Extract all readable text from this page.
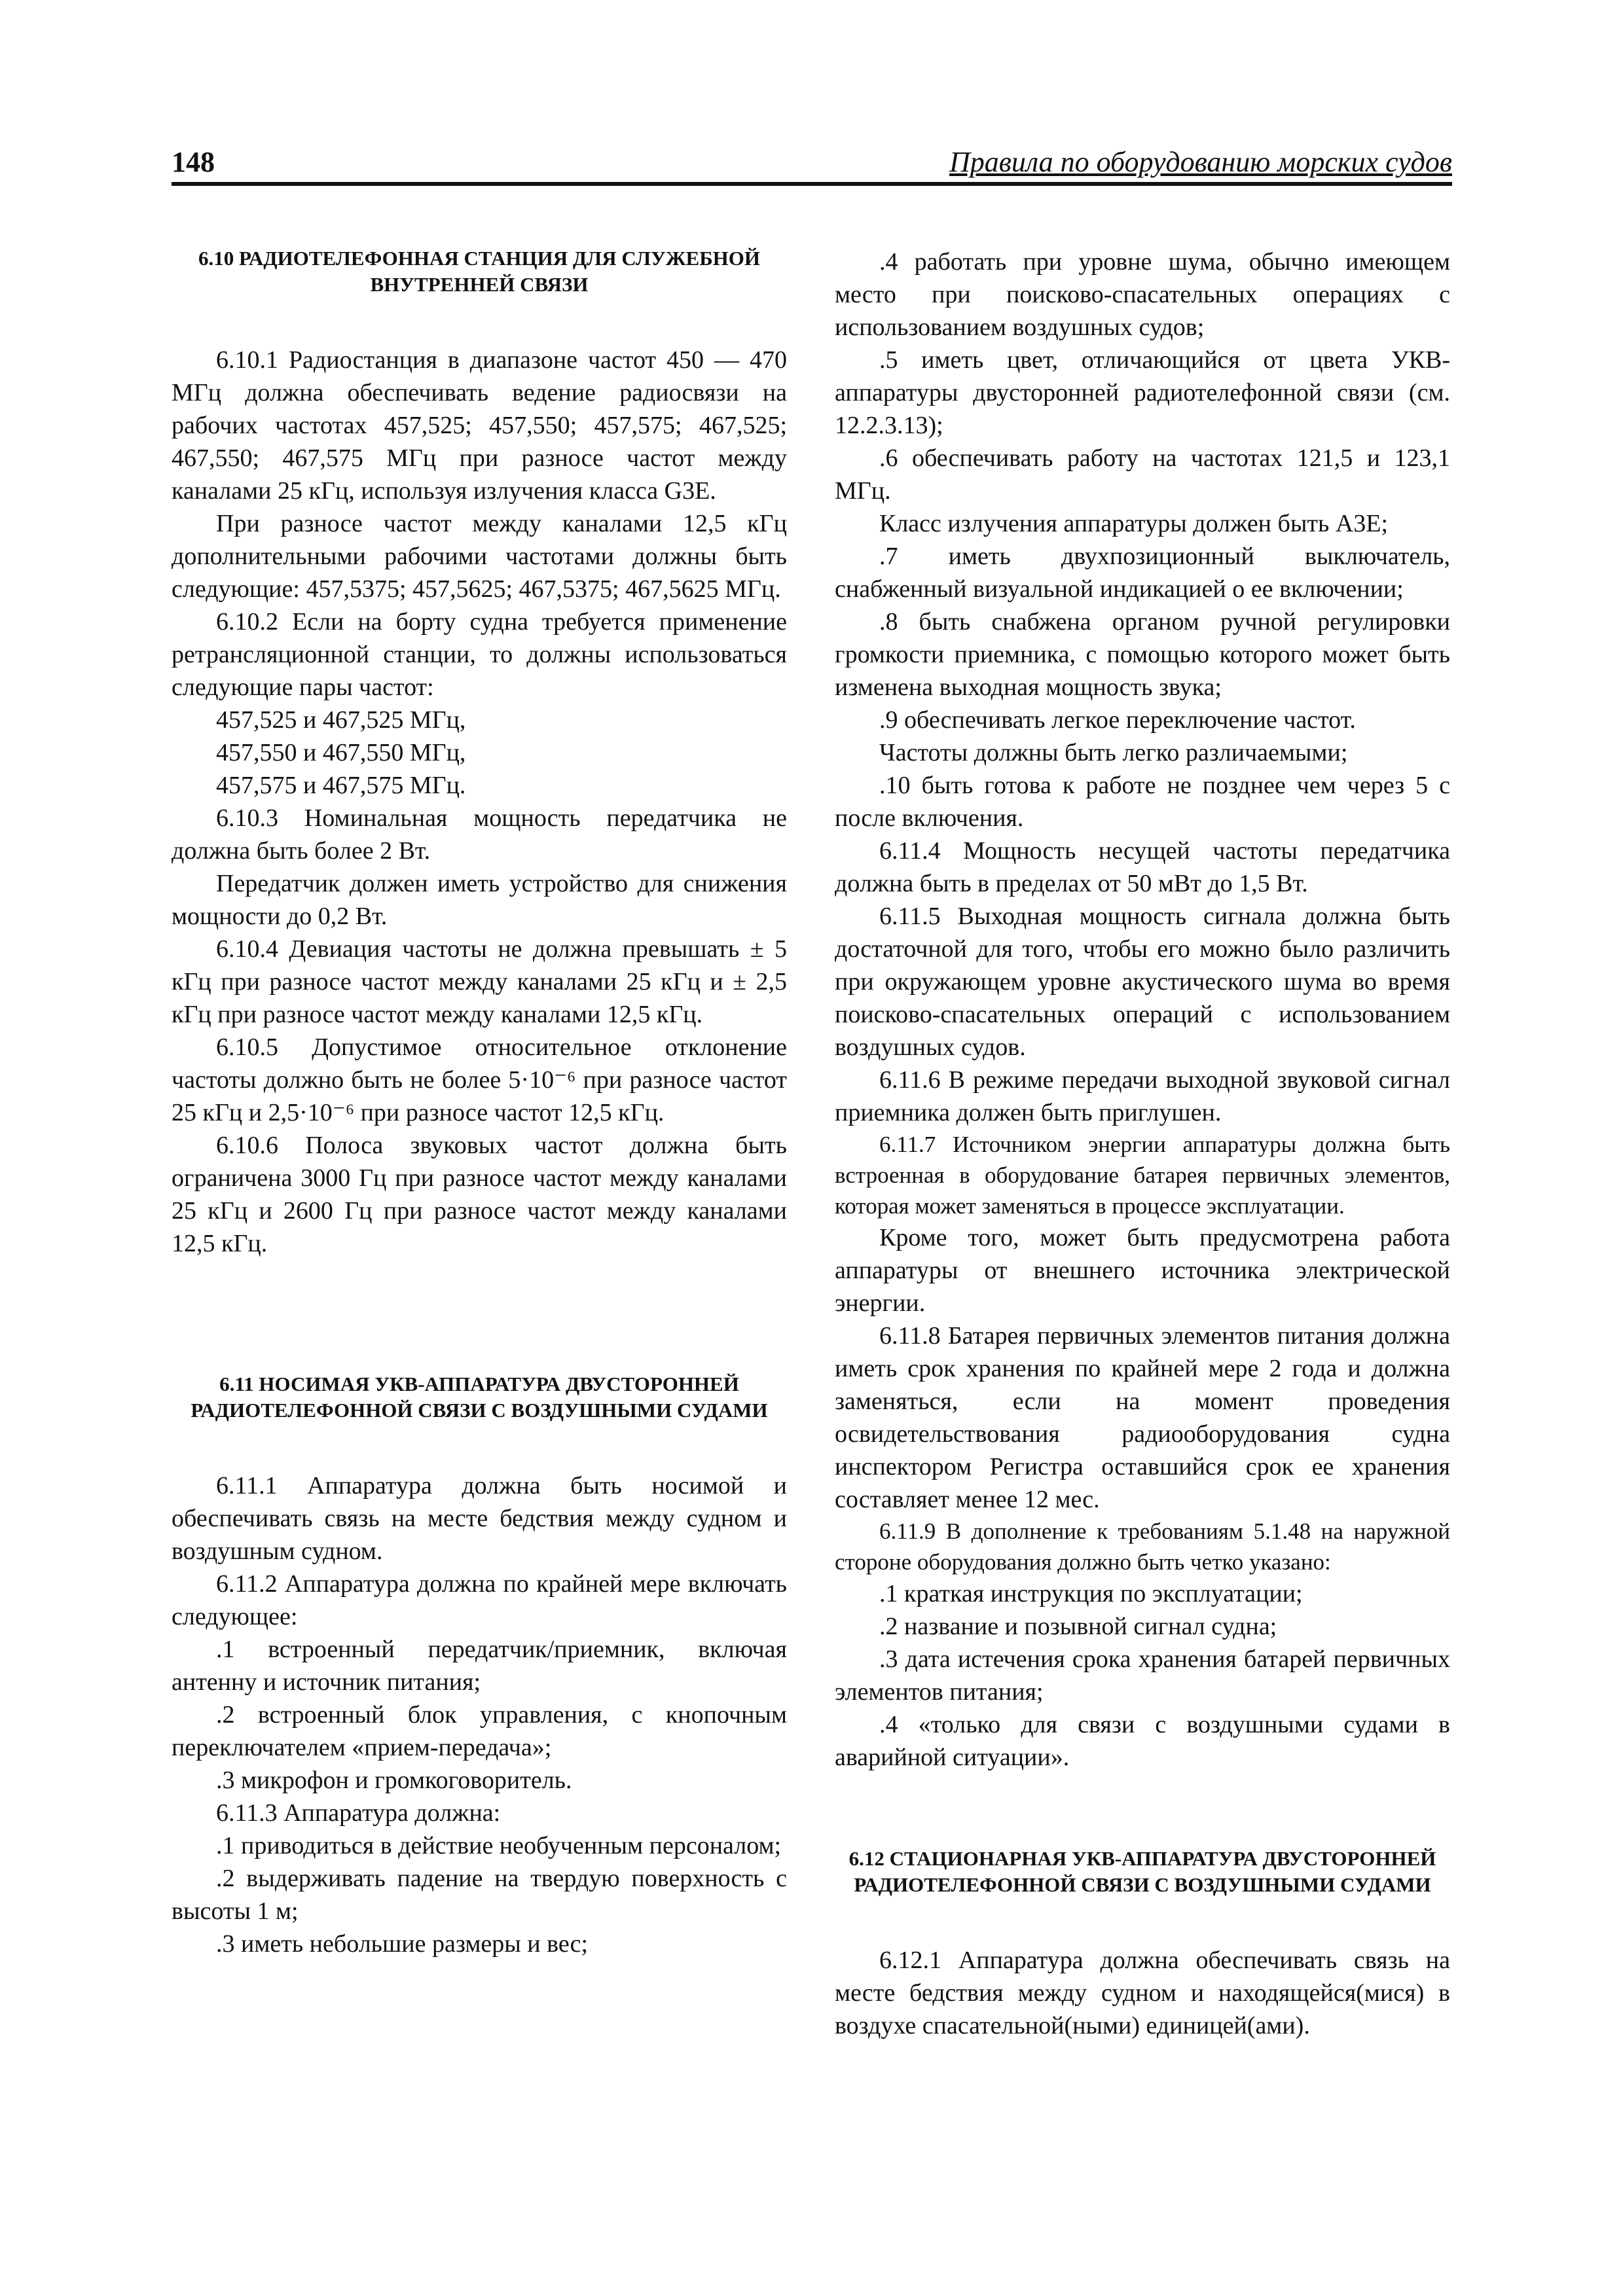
148	Правила по оборудованию морских судов

6.10 РАДИОТЕЛЕФОННАЯ СТАНЦИЯ ДЛЯ СЛУЖЕБНОЙ ВНУТРЕННЕЙ СВЯЗИ

6.10.1 Радиостанция в диапазоне частот 450 — 470 МГц должна обеспечивать ведение радиосвязи на рабочих частотах 457,525; 457,550; 457,575; 467,525; 467,550; 467,575 МГц при разносе частот между каналами 25 кГц, используя излучения класса G3E.

При разносе частот между каналами 12,5 кГц дополнительными рабочими частотами должны быть следующие: 457,5375; 457,5625; 467,5375; 467,5625 МГц.

6.10.2 Если на борту судна требуется применение ретрансляционной станции, то должны использоваться следующие пары частот:

457,525 и 467,525 МГц,

457,550 и 467,550 МГц,

457,575 и 467,575 МГц.

6.10.3 Номинальная мощность передатчика не должна быть более 2 Вт.

Передатчик должен иметь устройство для снижения мощности до 0,2 Вт.

6.10.4 Девиация частоты не должна превышать ± 5 кГц при разносе частот между каналами 25 кГц и ± 2,5 кГц при разносе частот между каналами 12,5 кГц.

6.10.5 Допустимое относительное отклонение частоты должно быть не более 5·10⁻⁶ при разносе частот 25 кГц и 2,5·10⁻⁶ при разносе частот 12,5 кГц.

6.10.6 Полоса звуковых частот должна быть ограничена 3000 Гц при разносе частот между каналами 25 кГц и 2600 Гц при разносе частот между каналами 12,5 кГц.

6.11 НОСИМАЯ УКВ-АППАРАТУРА ДВУСТОРОННЕЙ РАДИОТЕЛЕФОННОЙ СВЯЗИ С ВОЗДУШНЫМИ СУДАМИ

6.11.1 Аппаратура должна быть носимой и обеспечивать связь на месте бедствия между судном и воздушным судном.

6.11.2 Аппаратура должна по крайней мере включать следующее:

.1 встроенный передатчик/приемник, включая антенну и источник питания;

.2 встроенный блок управления, с кнопочным переключателем «прием-передача»;

.3 микрофон и громкоговоритель.

6.11.3 Аппаратура должна:

.1 приводиться в действие необученным персоналом;

.2 выдерживать падение на твердую поверхность с высоты 1 м;

.3 иметь небольшие размеры и вес;

.4 работать при уровне шума, обычно имеющем место при поисково-спасательных операциях с использованием воздушных судов;

.5 иметь цвет, отличающийся от цвета УКВ-аппаратуры двусторонней радиотелефонной связи (см. 12.2.3.13);

.6 обеспечивать работу на частотах 121,5 и 123,1 МГц.

Класс излучения аппаратуры должен быть A3E;

.7 иметь двухпозиционный выключатель, снабженный визуальной индикацией о ее включении;

.8 быть снабжена органом ручной регулировки громкости приемника, с помощью которого может быть изменена выходная мощность звука;

.9 обеспечивать легкое переключение частот.

Частоты должны быть легко различаемыми;

.10 быть готова к работе не позднее чем через 5 с после включения.

6.11.4 Мощность несущей частоты передатчика должна быть в пределах от 50 мВт до 1,5 Вт.

6.11.5 Выходная мощность сигнала должна быть достаточной для того, чтобы его можно было различить при окружающем уровне акустического шума во время поисково-спасательных операций с использованием воздушных судов.

6.11.6 В режиме передачи выходной звуковой сигнал приемника должен быть приглушен.

6.11.7 Источником энергии аппаратуры должна быть встроенная в оборудование батарея первичных элементов, которая может заменяться в процессе эксплуатации.

Кроме того, может быть предусмотрена работа аппаратуры от внешнего источника электрической энергии.

6.11.8 Батарея первичных элементов питания должна иметь срок хранения по крайней мере 2 года и должна заменяться, если на момент проведения освидетельствования радиооборудования судна инспектором Регистра оставшийся срок ее хранения составляет менее 12 мес.

6.11.9 В дополнение к требованиям 5.1.48 на наружной стороне оборудования должно быть четко указано:

.1 краткая инструкция по эксплуатации;

.2 название и позывной сигнал судна;

.3 дата истечения срока хранения батарей первичных элементов питания;

.4 «только для связи с воздушными судами в аварийной ситуации».

6.12 СТАЦИОНАРНАЯ УКВ-АППАРАТУРА ДВУСТОРОННЕЙ РАДИОТЕЛЕФОННОЙ СВЯЗИ С ВОЗДУШНЫМИ СУДАМИ

6.12.1 Аппаратура должна обеспечивать связь на месте бедствия между судном и находящейся(мися) в воздухе спасательной(ными) единицей(ами).
